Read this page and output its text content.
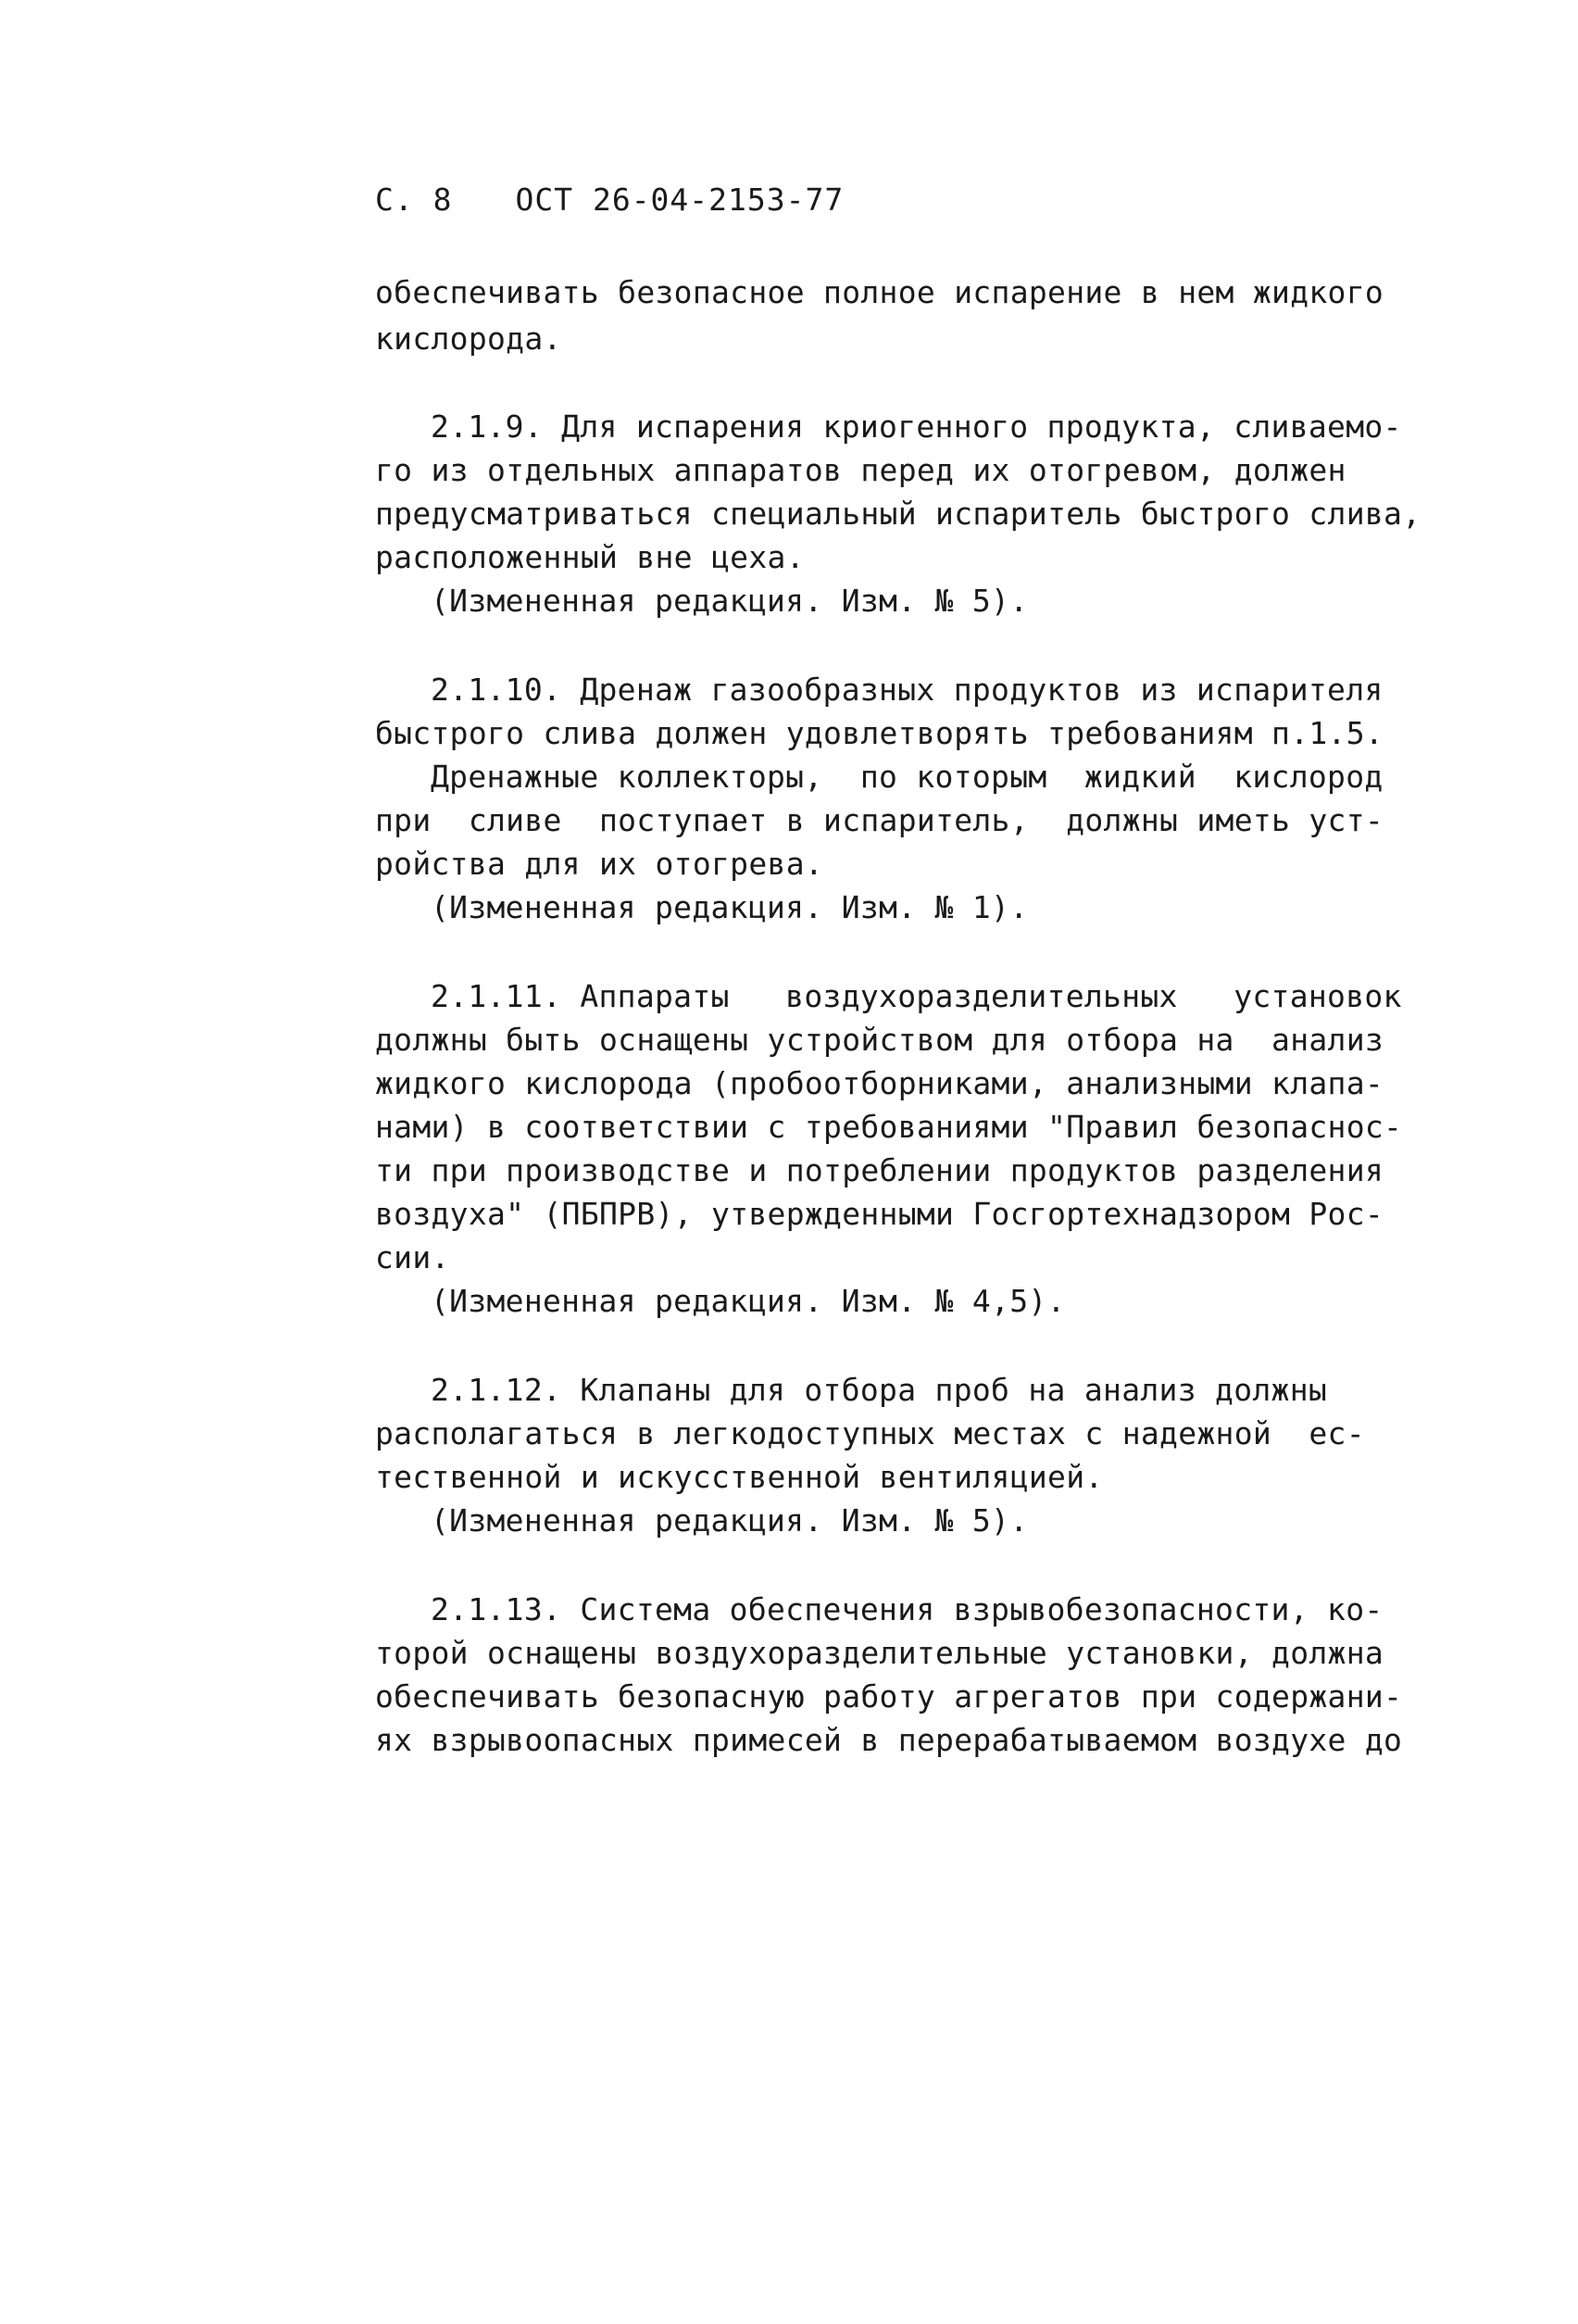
С. 8 ОСТ 26-04-2153-77
обеспечивать безопасное полное испарение в нем жидкого
кислорода.
2.1.9. Для испарения криогенного продукта, сливаемо-
го из отдельных аппаратов перед их отогревом, должен
предусматриваться специальный испаритель быстрого слива,
расположенный вне цеха.
(Измененная редакция. Изм. № 5).
2.1.10. Дренаж газообразных продуктов из испарителя
быстрого слива должен удовлетворять требованиям п.1.5.
Дренажные коллекторы,  по которым  жидкий  кислород
при  сливе  поступает в испаритель,  должны иметь уст-
ройства для их отогрева.
(Измененная редакция. Изм. № 1).
2.1.11. Аппараты   воздухоразделительных   установок
должны быть оснащены устройством для отбора на  анализ
жидкого кислорода (пробоотборниками, анализными клапа-
нами) в соответствии с требованиями "Правил безопаснос-
ти при производстве и потреблении продуктов разделения
воздуха" (ПБПРВ), утвержденными Госгортехнадзором Рос-
сии.
(Измененная редакция. Изм. № 4,5).
2.1.12. Клапаны для отбора проб на анализ должны
располагаться в легкодоступных местах с надежной  ес-
тественной и искусственной вентиляцией.
(Измененная редакция. Изм. № 5).
2.1.13. Система обеспечения взрывобезопасности, ко-
торой оснащены воздухоразделительные установки, должна
обеспечивать безопасную работу агрегатов при содержани-
ях взрывоопасных примесей в перерабатываемом воздухе до
